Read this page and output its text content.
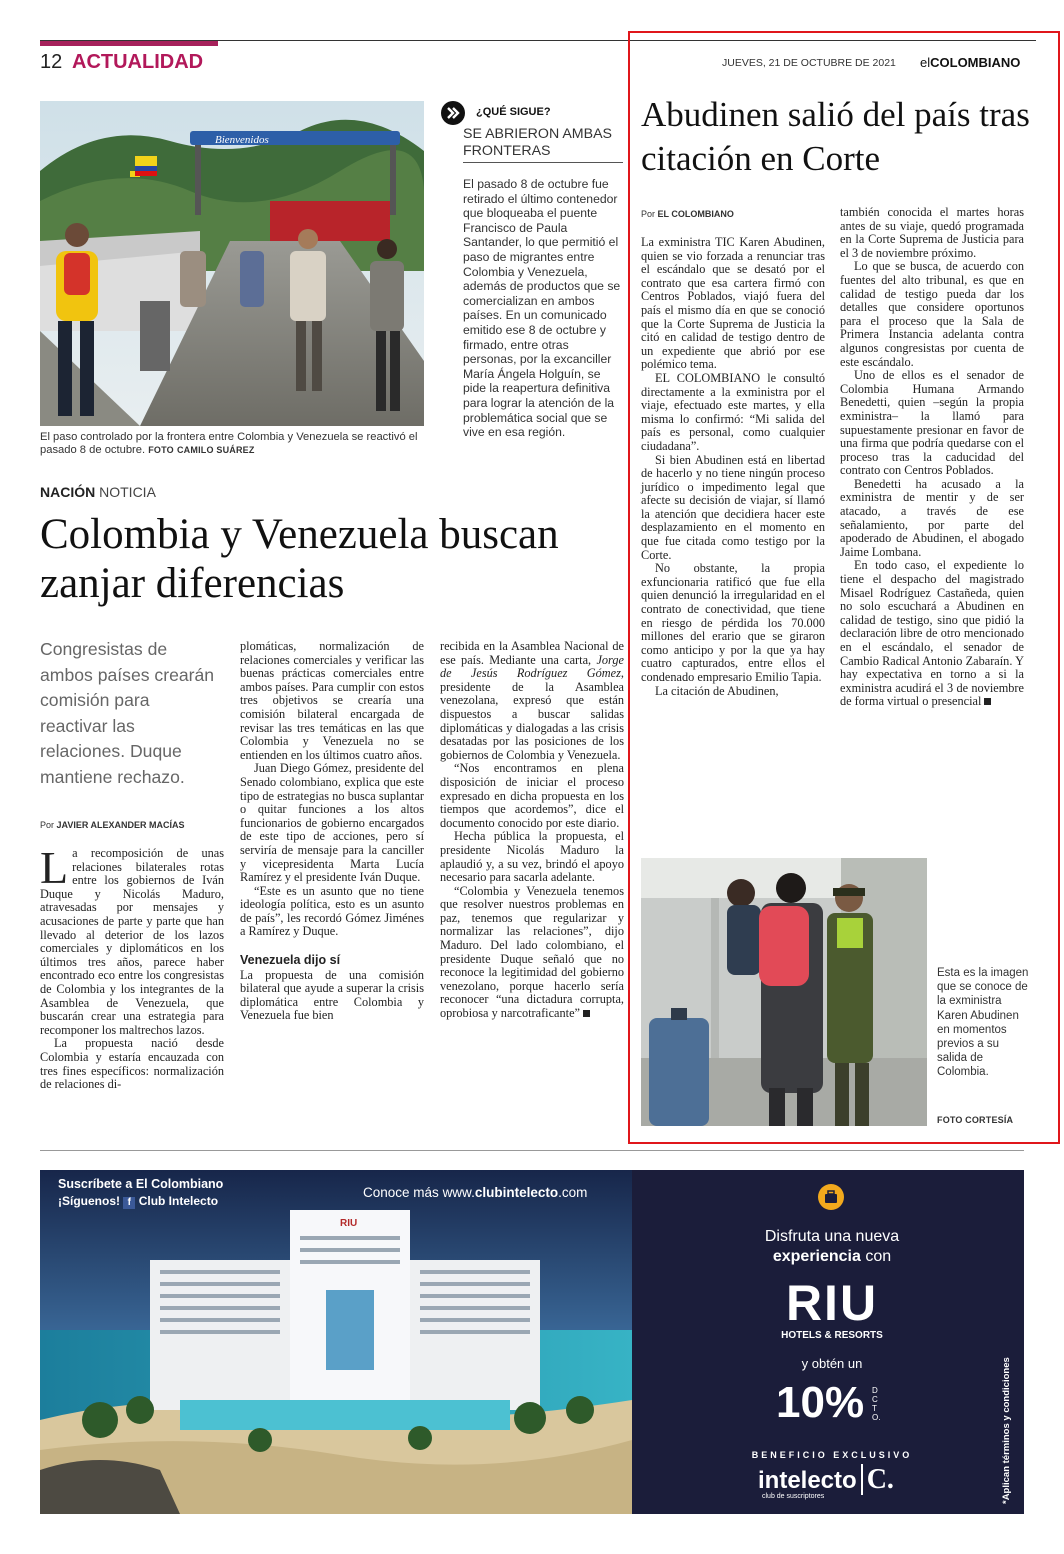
12 ACTUALIDAD	JUEVES, 21 DE OCTUBRE DE 2021 elCOLOMBIANO
Bienvenidos
El paso controlado por la frontera entre Colombia y Venezuela se reactivó el pasado 8 de octubre. FOTO CAMILO SUÁREZ
¿QUÉ SIGUE?
SE ABRIERON AMBAS FRONTERAS
El pasado 8 de octubre fue retirado el último contenedor que bloqueaba el puente Francisco de Paula Santander, lo que permitió el paso de migrantes entre Colombia y Venezuela, además de productos que se comercializan en ambos países. En un comunicado emitido ese 8 de octubre y firmado, entre otras personas, por la excanciller María Ángela Holguín, se pide la reapertura definitiva para lograr la atención de la problemática social que se vive en esa región.
NACIÓN NOTICIA
Colombia y Venezuela buscan zanjar diferencias
Congresistas de ambos países crearán comisión para reactivar las relaciones. Duque mantiene rechazo.
Por JAVIER ALEXANDER MACÍAS
L a recomposición de unas relaciones bilaterales rotas entre los gobiernos de Iván Duque y Nicolás Maduro, atravesadas por mensajes y acusaciones de parte y parte que han llevado al deterior de los lazos comerciales y diplomáticos en los últimos tres años, parece haber encontrado eco entre los congresistas de Colombia y los integrantes de la Asamblea de Venezuela, que buscarán crear una estrategia para recomponer los maltrechos lazos.

La propuesta nació desde Colombia y estaría encauzada con tres fines específicos: normalización de relaciones di-

plomáticas, normalización de relaciones comerciales y verificar las buenas prácticas comerciales entre ambos países. Para cumplir con estos tres objetivos se crearía una comisión bilateral encargada de revisar las tres temáticas en las que Colombia y Venezuela no se entienden en los últimos cuatro años.

Juan Diego Gómez, presidente del Senado colombiano, explica que este tipo de estrategias no busca suplantar o quitar funciones a los altos funcionarios de gobierno encargados de este tipo de acciones, pero sí serviría de mensaje para la canciller y vicepresidenta Marta Lucía Ramírez y el presidente Iván Duque.

“Este es un asunto que no tiene ideología política, esto es un asunto de país”, les recordó Gómez Jiménes a Ramírez y Duque.

Venezuela dijo sí

La propuesta de una comisión bilateral que ayude a superar la crisis diplomática entre Colombia y Venezuela fue bien

recibida en la Asamblea Nacional de ese país. Mediante una carta, Jorge de Jesús Rodríguez Gómez, presidente de la Asamblea venezolana, expresó que están dispuestos a buscar salidas diplomáticas y dialogadas a las crisis desatadas por las posiciones de los gobiernos de Colombia y Venezuela.

“Nos encontramos en plena disposición de iniciar el proceso expresado en dicha propuesta en los tiempos que acordemos”, dice el documento conocido por este diario.

Hecha pública la propuesta, el presidente Nicolás Maduro la aplaudió y, a su vez, brindó el apoyo necesario para sacarla adelante.

“Colombia y Venezuela tenemos que resolver nuestros problemas en paz, tenemos que regularizar y normalizar las relaciones”, dijo Maduro. Del lado colombiano, el presidente Duque señaló que no reconoce la legitimidad del gobierno venezolano, porque hacerlo sería reconocer “una dictadura corrupta, oprobiosa y narcotraficante”

Abudinen salió del país tras citación en Corte
Por EL COLOMBIANO

La exministra TIC Karen Abudinen, quien se vio forzada a renunciar tras el escándalo que se desató por el contrato que esa cartera firmó con Centros Poblados, viajó fuera del país el mismo día en que se conoció que la Corte Suprema de Justicia la citó en calidad de testigo dentro de un expediente que abrió por ese polémico tema.

EL COLOMBIANO le consultó directamente a la exministra por el viaje, efectuado este martes, y ella misma lo confirmó: “Mi salida del país es personal, como cualquier ciudadana”.

Si bien Abudinen está en libertad de hacerlo y no tiene ningún proceso jurídico o impedimento legal que afecte su decisión de viajar, sí llamó la atención que decidiera hacer este desplazamiento en el momento en que fue citada como testigo por la Corte.

No obstante, la propia exfuncionaria ratificó que fue ella quien denunció la irregularidad en el contrato de conectividad, que tiene en riesgo de pérdida los 70.000 millones del erario que se giraron como anticipo y por la que ya hay cuatro capturados, entre ellos el condenado empresario Emilio Tapia.

La citación de Abudinen,

también conocida el martes horas antes de su viaje, quedó programada en la Corte Suprema de Justicia para el 3 de noviembre próximo.

Lo que se busca, de acuerdo con fuentes del alto tribunal, es que en calidad de testigo pueda dar los detalles que considere oportunos para el proceso que la Sala de Primera Instancia adelanta contra algunos congresistas por cuenta de este escándalo.

Uno de ellos es el senador de Colombia Humana Armando Benedetti, quien –según la propia exministra– la llamó para supuestamente presionar en favor de una firma que podría quedarse con el proceso tras la caducidad del contrato con Centros Poblados.

Benedetti ha acusado a la exministra de mentir y de ser atacado, a través de ese señalamiento, por parte del apoderado de Abudinen, el abogado Jaime Lombana.

En todo caso, el expediente lo tiene el despacho del magistrado Misael Rodríguez Castañeda, quien no solo escuchará a Abudinen en calidad de testigo, sino que pidió la declaración libre de otro mencionado en el escándalo, el senador de Cambio Radical Antonio Zabaraín. Y hay expectativa en torno a si la exministra acudirá el 3 de noviembre de forma virtual o presencial

Esta es la imagen que se conoce de la exministra Karen Abudinen en momentos previos a su salida de Colombia.
FOTO CORTESÍA
RIU
Suscríbete a El Colombiano
¡Síguenos! f Club Intelecto
Conoce más www.clubintelecto.com
Disfruta una nueva
experiencia con
RIU
HOTELS & RESORTS
y obtén un
10% DCTO.
BENEFICIO EXCLUSIVO
intelecto C.
club de suscriptores	*Aplican términos y condiciones
